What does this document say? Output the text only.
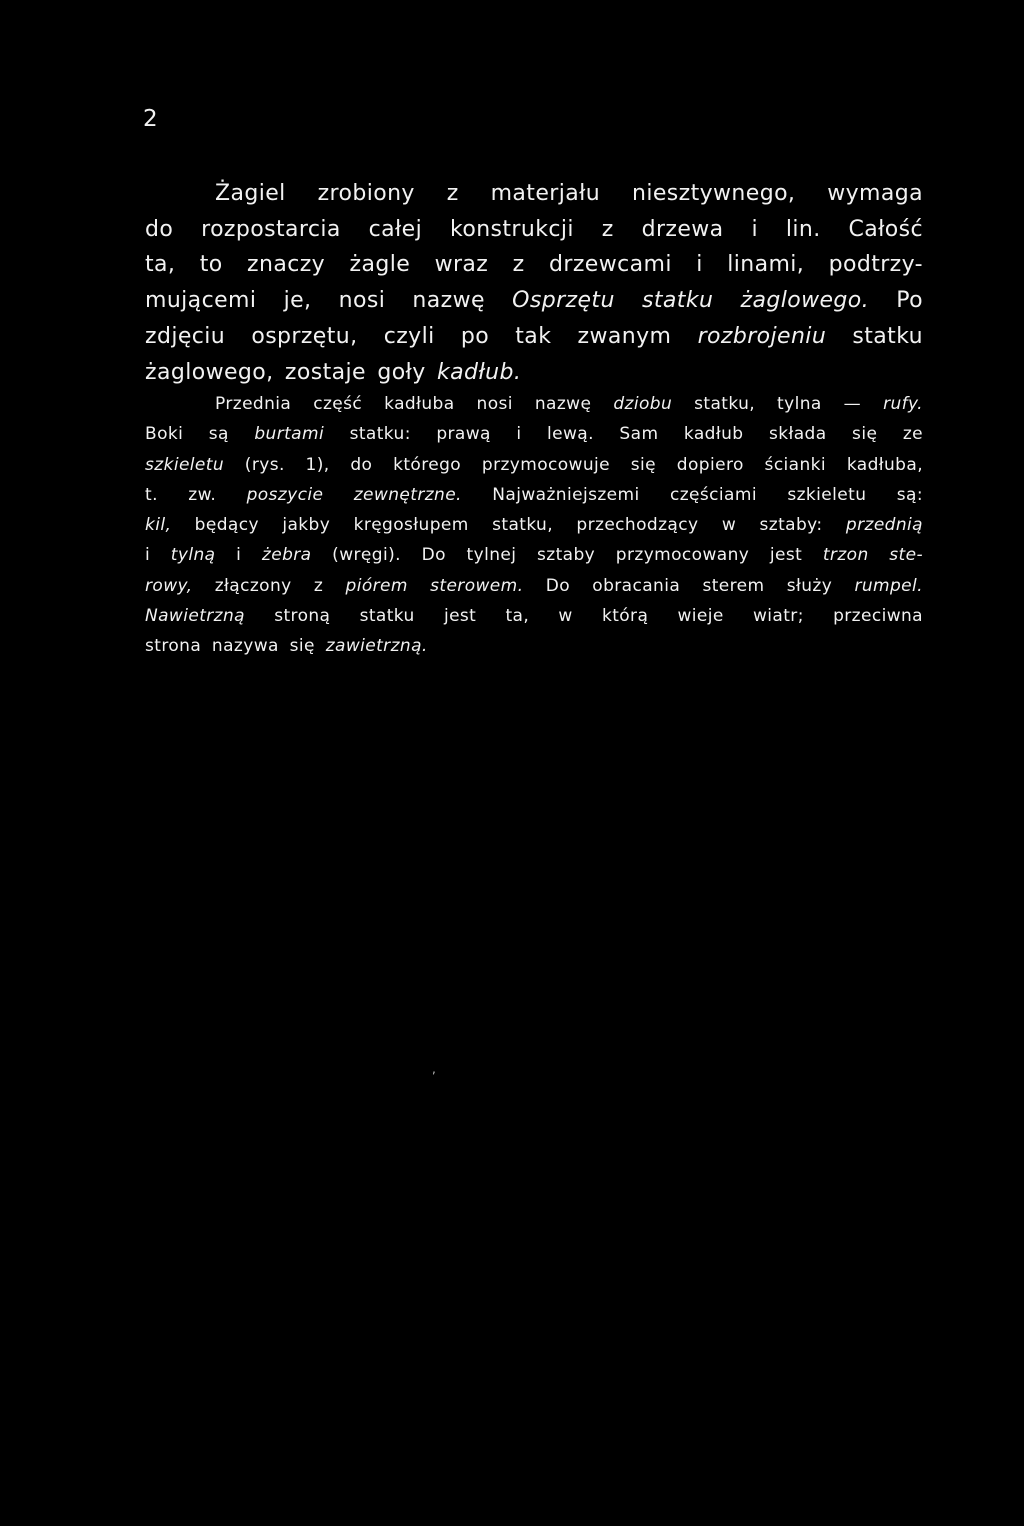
2
Żagiel zrobiony z materjału niesztywnego, wymaga
do rozpostarcia całej konstrukcji z drzewa i lin. Całość
ta, to znaczy żagle wraz z drzewcami i linami, podtrzy-
mującemi je, nosi nazwę Osprzętu statku żaglowego. Po
zdjęciu osprzętu, czyli po tak zwanym rozbrojeniu statku
żaglowego, zostaje goły kadłub.
Przednia część kadłuba nosi nazwę dziobu statku, tylna — rufy.
Boki są burtami statku: prawą i lewą. Sam kadłub składa się ze
szkieletu (rys. 1), do którego przymocowuje się dopiero ścianki kadłuba,
t. zw. poszycie zewnętrzne. Najważniejszemi częściami szkieletu są:
kil, będący jakby kręgosłupem statku, przechodzący w sztaby: przednią
i tylną i żebra (wręgi). Do tylnej sztaby przymocowany jest trzon ste-
rowy, złączony z piórem sterowem. Do obracania sterem służy rumpel.
Nawietrzną stroną statku jest ta, w którą wieje wiatr; przeciwna
strona nazywa się zawietrzną.
,
